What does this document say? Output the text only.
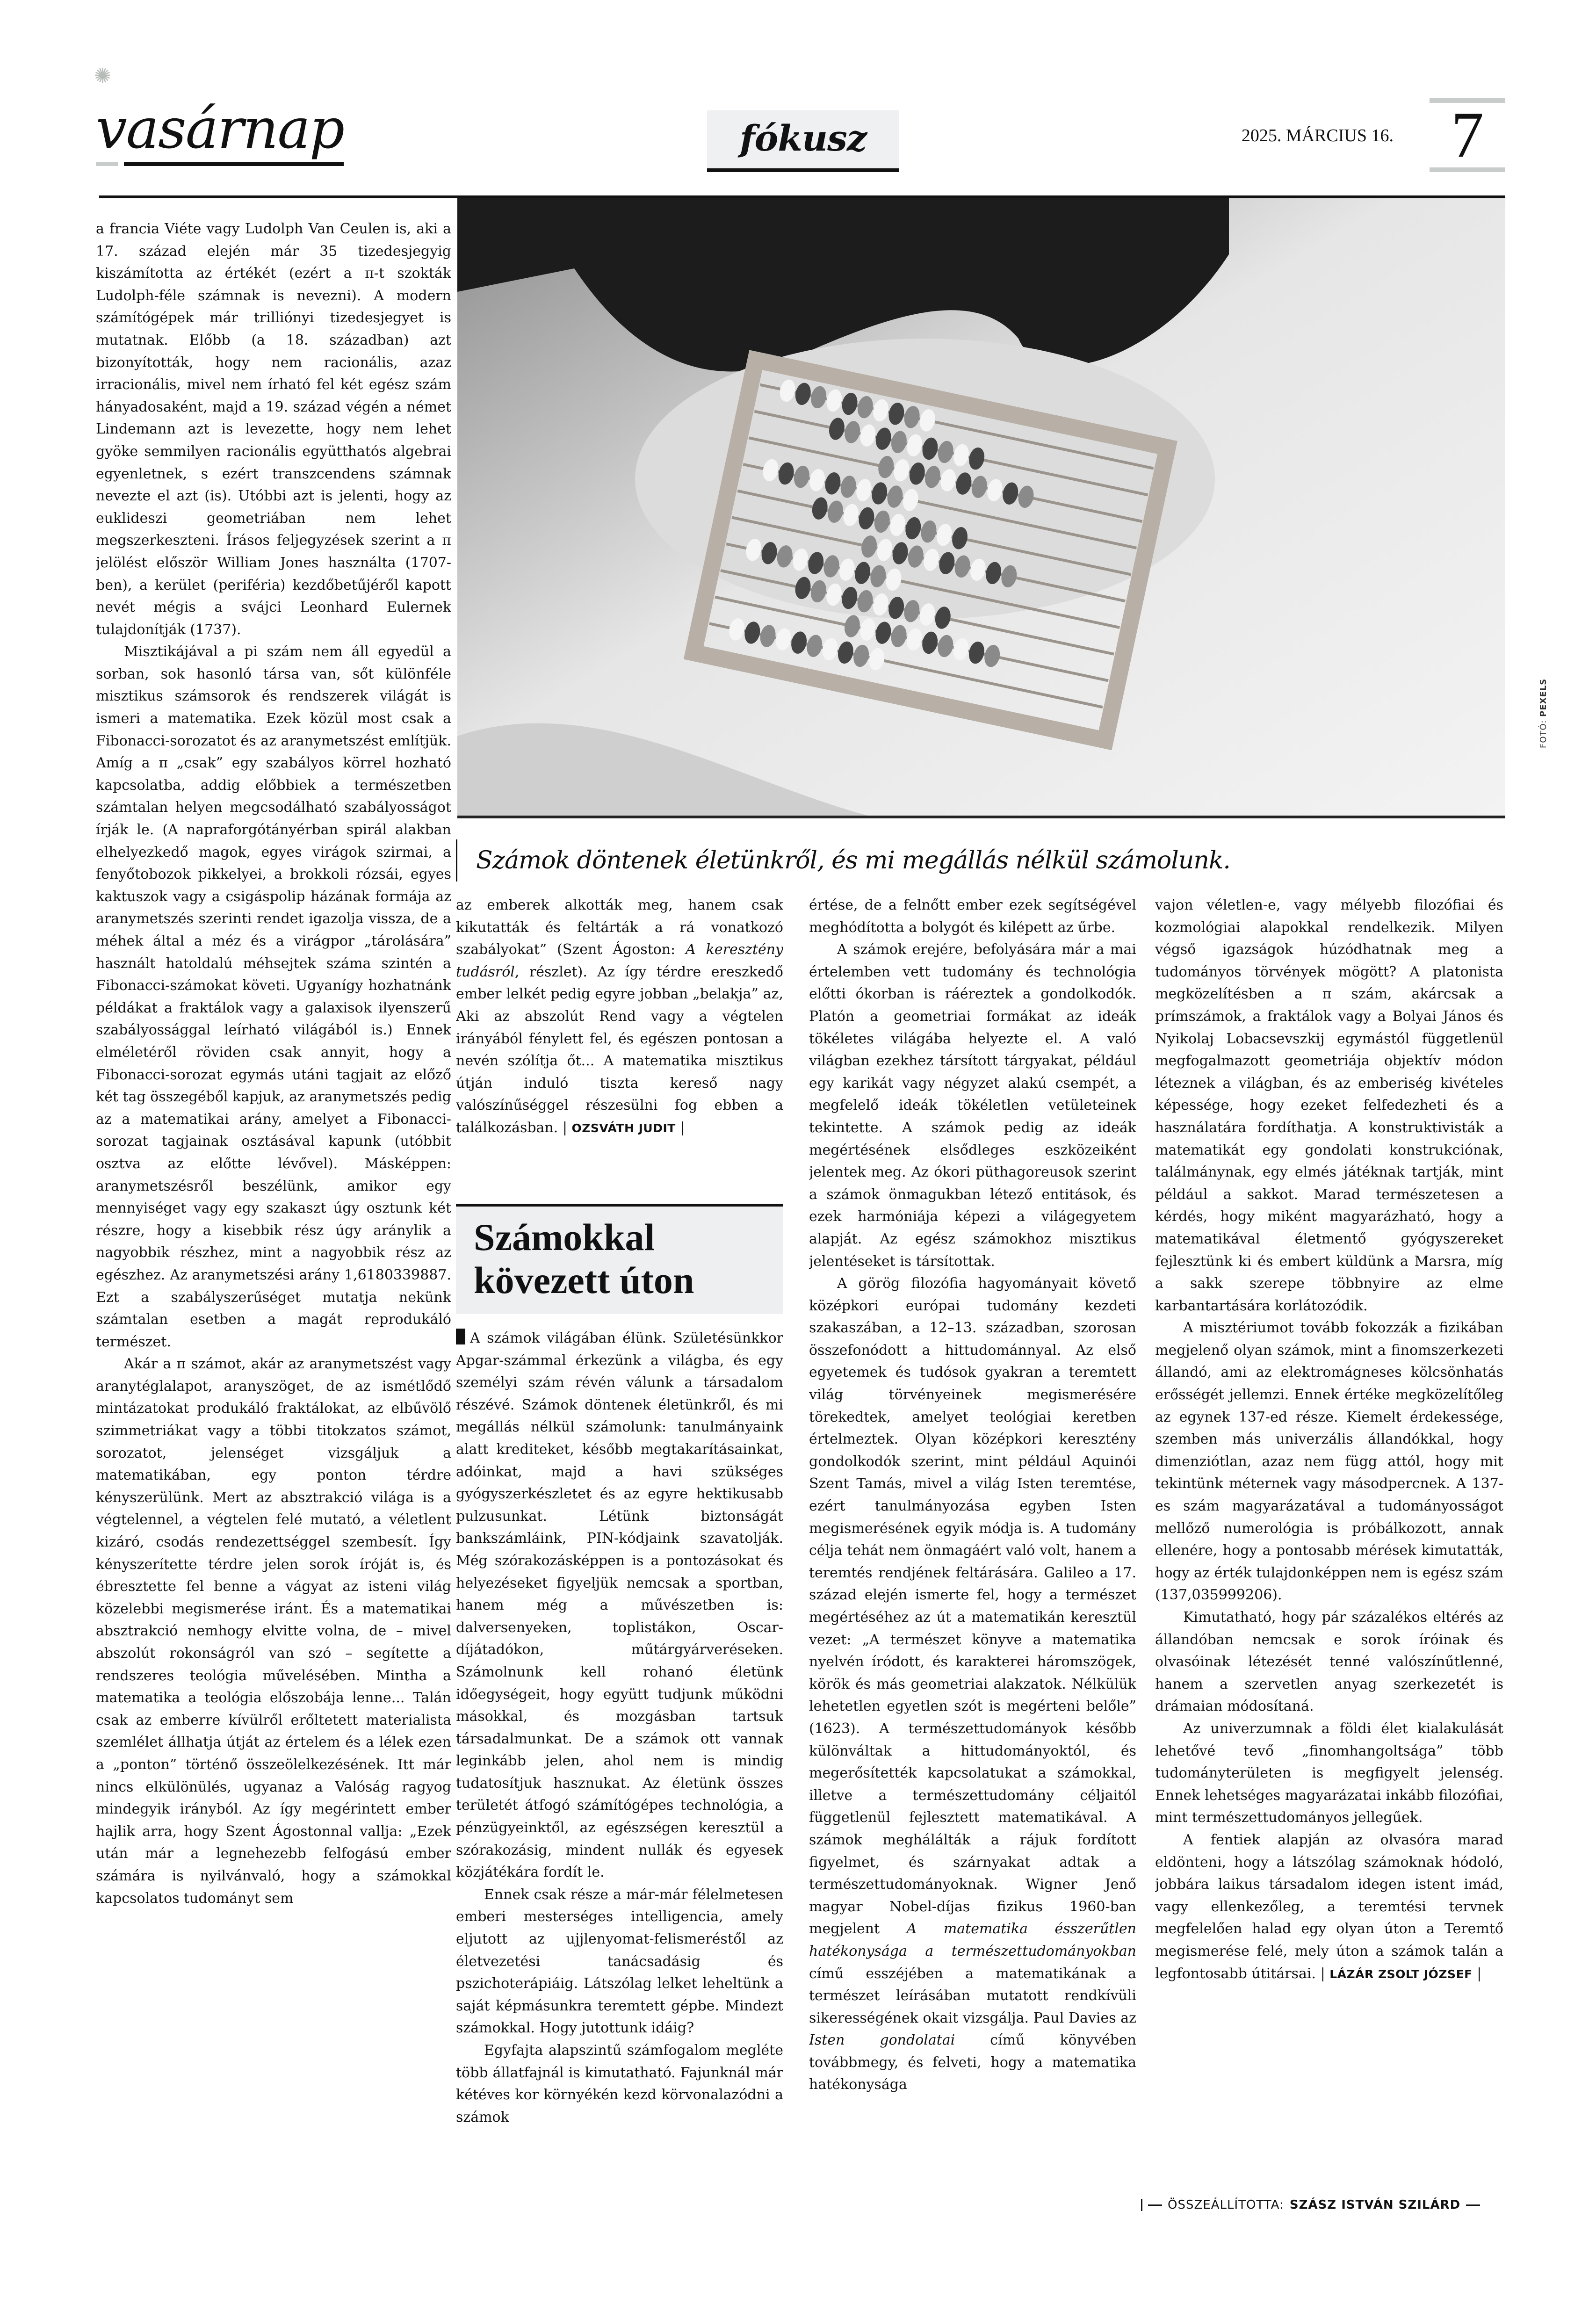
✺
vasárnap	fókusz	2025. MÁRCIUS 16. 7
FOTÓ: PEXELS
Számok döntenek életünkről, és mi megállás nélkül számolunk.

a francia Viéte vagy Ludolph Van Ceulen is, aki a 17. század elején már 35 tizedesjegyig kiszámította az értékét (ezért a π-t szokták Ludolph-féle számnak is nevezni). A modern számítógépek már trilliónyi tizedesjegyet is mutatnak. Előbb (a 18. században) azt bizonyították, hogy nem racionális, azaz irracionális, mivel nem írható fel két egész szám hányadosaként, majd a 19. század végén a német Lindemann azt is levezette, hogy nem lehet gyöke semmilyen racionális együtthatós algebrai egyenletnek, s ezért transzcendens számnak nevezte el azt (is). Utóbbi azt is jelenti, hogy az euklideszi geometriában nem lehet megszerkeszteni. Írásos feljegyzések szerint a π jelölést először William Jones használta (1707-ben), a kerület (periféria) kezdőbetűjéről kapott nevét mégis a svájci Leonhard Eulernek tulajdonítják (1737).

Misztikájával a pi szám nem áll egyedül a sorban, sok hasonló társa van, sőt különféle misztikus számsorok és rendszerek világát is ismeri a matematika. Ezek közül most csak a Fibonacci-sorozatot és az aranymetszést említjük. Amíg a π „csak” egy szabályos körrel hozható kapcsolatba, addig előbbiek a természetben számtalan helyen megcsodálható szabályosságot írják le. (A napraforgótányérban spirál alakban elhelyezkedő magok, egyes virágok szirmai, a fenyőtobozok pikkelyei, a brokkoli rózsái, egyes kaktuszok vagy a csigáspolip házának formája az aranymetszés szerinti rendet igazolja vissza, de a méhek által a méz és a virágpor „tárolására” használt hatoldalú méhsejtek száma szintén a Fibonacci-számokat követi. Ugyanígy hozhatnánk példákat a fraktálok vagy a galaxisok ilyenszerű szabályossággal leírható világából is.) Ennek elméletéről röviden csak annyit, hogy a Fibonacci-sorozat egymás utáni tagjait az előző két tag összegéből kapjuk, az aranymetszés pedig az a matematikai arány, amelyet a Fibonacci-sorozat tagjainak osztásával kapunk (utóbbit osztva az előtte lévővel). Másképpen: aranymetszésről beszélünk, amikor egy mennyiséget vagy egy szakaszt úgy osztunk két részre, hogy a kisebbik rész úgy aránylik a nagyobbik részhez, mint a nagyobbik rész az egészhez. Az aranymetszési arány 1,6180339887. Ezt a szabályszerűséget mutatja nekünk számtalan esetben a magát reprodukáló természet.

Akár a π számot, akár az aranymetszést vagy aranytéglalapot, aranyszöget, de az ismétlődő mintázatokat produkáló fraktálokat, az elbűvölő szimmetriákat vagy a többi titokzatos számot, sorozatot, jelenséget vizsgáljuk a matematikában, egy ponton térdre kényszerülünk. Mert az absztrakció világa is a végtelennel, a végtelen felé mutató, a véletlent kizáró, csodás rendezettséggel szembesít. Így kényszerítette térdre jelen sorok íróját is, és ébresztette fel benne a vágyat az isteni világ közelebbi megismerése iránt. És a matematikai absztrakció nemhogy elvitte volna, de – mivel abszolút rokonságról van szó – segítette a rendszeres teológia művelésében. Mintha a matematika a teológia előszobája lenne... Talán csak az emberre kívülről erőltetett materialista szemlélet állhatja útját az értelem és a lélek ezen a „ponton” történő összeölelkezésének. Itt már nincs elkülönülés, ugyanaz a Valóság ragyog mindegyik irányból. Az így megérintett ember hajlik arra, hogy Szent Ágostonnal vallja: „Ezek után már a legnehezebb felfogású ember számára is nyilvánvaló, hogy a számokkal kapcsolatos tudományt sem

az emberek alkották meg, hanem csak kikutatták és feltárták a rá vonatkozó szabályokat” (Szent Ágoston: A keresztény tudásról, részlet). Az így térdre ereszkedő ember lelkét pedig egyre jobban „belakja” az, Aki az abszolút Rend vagy a végtelen irányából fénylett fel, és egészen pontosan a nevén szólítja őt... A matematika misztikus útján induló tiszta kereső nagy valószínűséggel részesülni fog ebben a találkozásban. | OZSVÁTH JUDIT |

Számokkal kövezett úton

A számok világában élünk. Születésünkkor Apgar-számmal érkezünk a világba, és egy személyi szám révén válunk a társadalom részévé. Számok döntenek életünkről, és mi megállás nélkül számolunk: tanulmányaink alatt krediteket, később megtakarításainkat, adóinkat, majd a havi szükséges gyógyszerkészletet és az egyre hektikusabb pulzusunkat. Létünk biztonságát bankszámláink, PIN-kódjaink szavatolják. Még szórakozásképpen is a pontozásokat és helyezéseket figyeljük nemcsak a sportban, hanem még a művészetben is: dalversenyeken, toplistákon, Oscar-díjátadókon, műtárgyárveréseken. Számolnunk kell rohanó életünk időegységeit, hogy együtt tudjunk működni másokkal, és mozgásban tartsuk társadalmunkat. De a számok ott vannak leginkább jelen, ahol nem is mindig tudatosítjuk hasznukat. Az életünk összes területét átfogó számítógépes technológia, a pénzügyeinktől, az egészségen keresztül a szórakozásig, mindent nullák és egyesek közjátékára fordít le.

Ennek csak része a már-már félelmetesen emberi mesterséges intelligencia, amely eljutott az ujjlenyomat-felismeréstől az életvezetési tanácsadásig és pszichoterápiáig. Látszólag lelket leheltünk a saját képmásunkra teremtett gépbe. Mindezt számokkal. Hogy jutottunk idáig?

Egyfajta alapszintű számfogalom megléte több állatfajnál is kimutatható. Fajunknál már kétéves kor környékén kezd körvonalazódni a számok

értése, de a felnőtt ember ezek segítségével meghódította a bolygót és kilépett az űrbe.

A számok erejére, befolyására már a mai értelemben vett tudomány és technológia előtti ókorban is ráéreztek a gondolkodók. Platón a geometriai formákat az ideák tökéletes világába helyezte el. A való világban ezekhez társított tárgyakat, például egy karikát vagy négyzet alakú csempét, a megfelelő ideák tökéletlen vetületeinek tekintette. A számok pedig az ideák megértésének elsődleges eszközeiként jelentek meg. Az ókori püthagoreusok szerint a számok önmagukban létező entitások, és ezek harmóniája képezi a világegyetem alapját. Az egész számokhoz misztikus jelentéseket is társítottak.

A görög filozófia hagyományait követő középkori európai tudomány kezdeti szakaszában, a 12–13. században, szorosan összefonódott a hittudománnyal. Az első egyetemek és tudósok gyakran a teremtett világ törvényeinek megismerésére törekedtek, amelyet teológiai keretben értelmeztek. Olyan középkori keresztény gondolkodók szerint, mint például Aquinói Szent Tamás, mivel a világ Isten teremtése, ezért tanulmányozása egyben Isten megismerésének egyik módja is. A tudomány célja tehát nem önmagáért való volt, hanem a teremtés rendjének feltárására. Galileo a 17. század elején ismerte fel, hogy a természet megértéséhez az út a matematikán keresztül vezet: „A természet könyve a matematika nyelvén íródott, és karakterei háromszögek, körök és más geometriai alakzatok. Nélkülük lehetetlen egyetlen szót is megérteni belőle” (1623). A természettudományok később különváltak a hittudományoktól, és megerősítették kapcsolatukat a számokkal, illetve a természettudomány céljaitól függetlenül fejlesztett matematikával. A számok meghálálták a rájuk fordított figyelmet, és szárnyakat adtak a természettudományoknak. Wigner Jenő magyar Nobel-díjas fizikus 1960-ban megjelent A matematika ésszerűtlen hatékonysága a természettudományokban című esszéjében a matematikának a természet leírásában mutatott rendkívüli sikerességének okait vizsgálja. Paul Davies az Isten gondolatai című könyvében továbbmegy, és felveti, hogy a matematika hatékonysága

vajon véletlen-e, vagy mélyebb filozófiai és kozmológiai alapokkal rendelkezik. Milyen végső igazságok húzódhatnak meg a tudományos törvények mögött? A platonista megközelítésben a π szám, akárcsak a prímszámok, a fraktálok vagy a Bolyai János és Nyikolaj Lobacsevszkij egymástól függetlenül megfogalmazott geometriája objektív módon léteznek a világban, és az emberiség kivételes képessége, hogy ezeket felfedezheti és a használatára fordíthatja. A konstruktivisták a matematikát egy gondolati konstrukciónak, találmánynak, egy elmés játéknak tartják, mint például a sakkot. Marad természetesen a kérdés, hogy miként magyarázható, hogy a matematikával életmentő gyógyszereket fejlesztünk ki és embert küldünk a Marsra, míg a sakk szerepe többnyire az elme karbantartására korlátozódik.

A misztériumot tovább fokozzák a fizikában megjelenő olyan számok, mint a finomszerkezeti állandó, ami az elektromágneses kölcsönhatás erősségét jellemzi. Ennek értéke megközelítőleg az egynek 137-ed része. Kiemelt érdekessége, szemben más univerzális állandókkal, hogy dimenziótlan, azaz nem függ attól, hogy mit tekintünk méternek vagy másodpercnek. A 137-es szám magyarázatával a tudományosságot mellőző numerológia is próbálkozott, annak ellenére, hogy a pontosabb mérések kimutatták, hogy az érték tulajdonképpen nem is egész szám (137,035999206).

Kimutatható, hogy pár százalékos eltérés az állandóban nemcsak e sorok íróinak és olvasóinak létezését tenné valószínűtlenné, hanem a szervetlen anyag szerkezetét is drámaian módosítaná.

Az univerzumnak a földi élet kialakulását lehetővé tevő „finomhangoltsága” több tudományterületen is megfigyelt jelenség. Ennek lehetséges magyarázatai inkább filozófiai, mint természettudományos jellegűek.

A fentiek alapján az olvasóra marad eldönteni, hogy a látszólag számoknak hódoló, jobbára laikus társadalom idegen istent imád, vagy ellenkezőleg, a teremtési tervnek megfelelően halad egy olyan úton a Teremtő megismerése felé, mely úton a számok talán a legfontosabb útitársai. | LÁZÁR ZSOLT JÓZSEF |

ÖSSZEÁLLÍTOTTA: SZÁSZ ISTVÁN SZILÁRD
